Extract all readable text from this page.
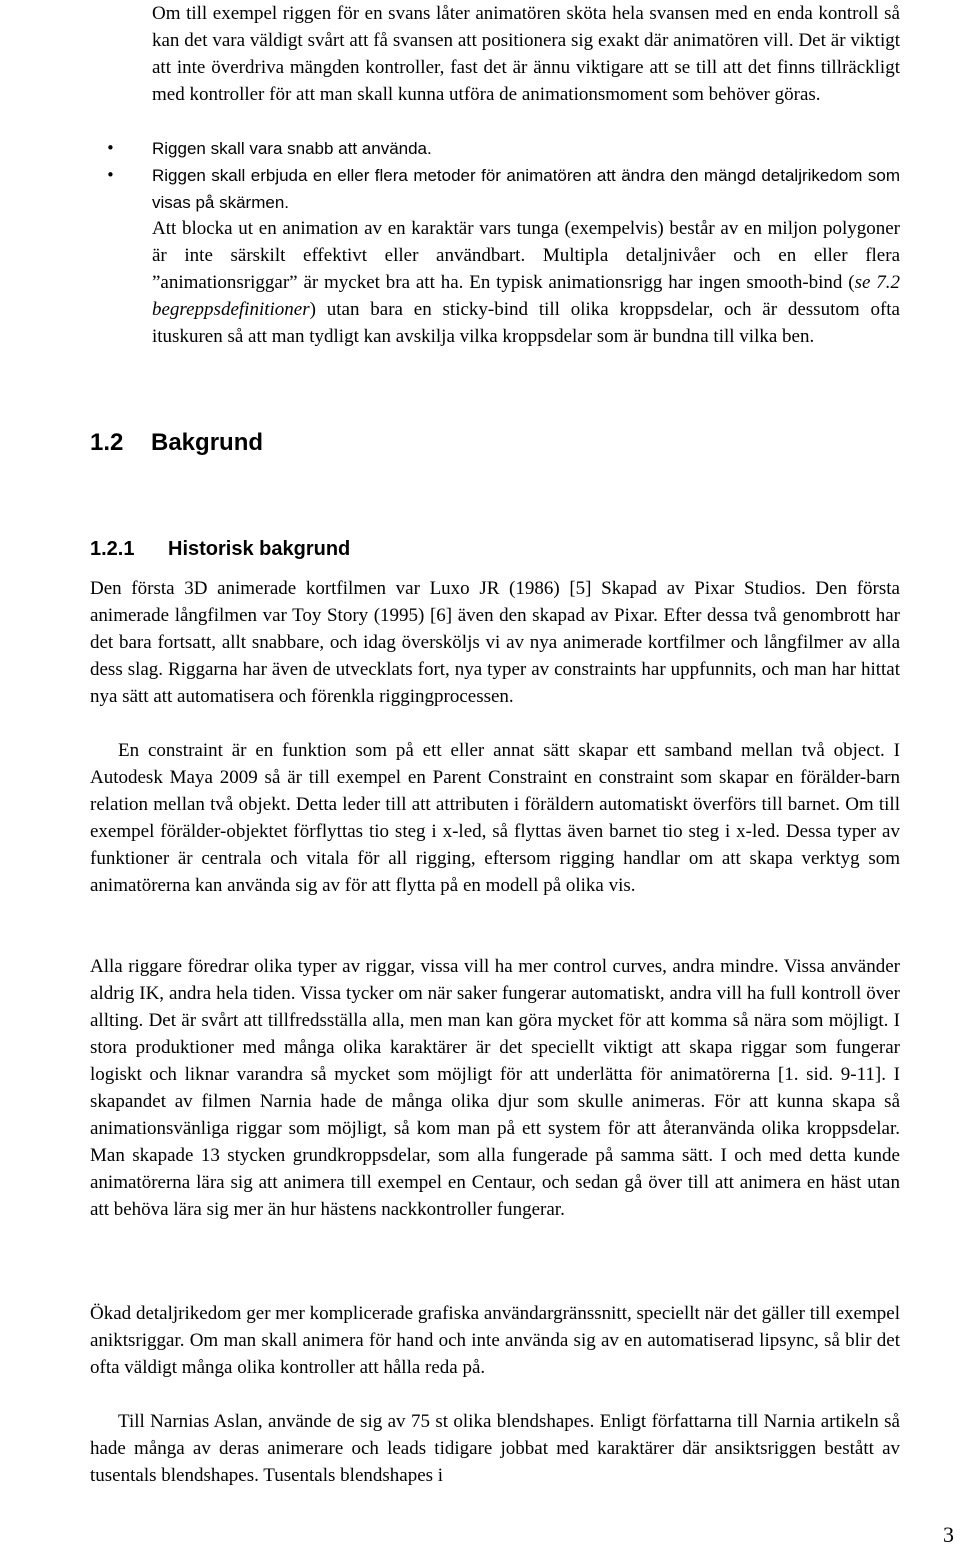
Om till exempel riggen för en svans låter animatören sköta hela svansen med en enda kontroll så kan det vara väldigt svårt att få svansen att positionera sig exakt där animatören vill. Det är viktigt att inte överdriva mängden kontroller, fast det är ännu viktigare att se till att det finns tillräckligt med kontroller för att man skall kunna utföra de animationsmoment som behöver göras.

• Riggen skall vara snabb att använda.

• Riggen skall erbjuda en eller flera metoder för animatören att ändra den mängd detaljrikedom som visas på skärmen.

Att blocka ut en animation av en karaktär vars tunga (exempelvis) består av en miljon polygoner är inte särskilt effektivt eller användbart. Multipla detaljnivåer och en eller flera ”animationsriggar” är mycket bra att ha. En typisk animationsrigg har ingen smooth-bind (se 7.2 begreppsdefinitioner) utan bara en sticky-bind till olika kroppsdelar, och är dessutom ofta ituskuren så att man tydligt kan avskilja vilka kroppsdelar som är bundna till vilka ben.

1.2 Bakgrund
1.2.1 Historisk bakgrund

Den första 3D animerade kortfilmen var Luxo JR (1986) [5] Skapad av Pixar Studios. Den första animerade långfilmen var Toy Story (1995) [6] även den skapad av Pixar. Efter dessa två genombrott har det bara fortsatt, allt snabbare, och idag översköljs vi av nya animerade kortfilmer och långfilmer av alla dess slag. Riggarna har även de utvecklats fort, nya typer av constraints har uppfunnits, och man har hittat nya sätt att automatisera och förenkla riggingprocessen.

En constraint är en funktion som på ett eller annat sätt skapar ett samband mellan två object. I Autodesk Maya 2009 så är till exempel en Parent Constraint en constraint som skapar en förälder-barn relation mellan två objekt. Detta leder till att attributen i föräldern automatiskt överförs till barnet. Om till exempel förälder-objektet förflyttas tio steg i x-led, så flyttas även barnet tio steg i x-led. Dessa typer av funktioner är centrala och vitala för all rigging, eftersom rigging handlar om att skapa verktyg som animatörerna kan använda sig av för att flytta på en modell på olika vis.

Alla riggare föredrar olika typer av riggar, vissa vill ha mer control curves, andra mindre. Vissa använder aldrig IK, andra hela tiden. Vissa tycker om när saker fungerar automatiskt, andra vill ha full kontroll över allting. Det är svårt att tillfredsställa alla, men man kan göra mycket för att komma så nära som möjligt. I stora produktioner med många olika karaktärer är det speciellt viktigt att skapa riggar som fungerar logiskt och liknar varandra så mycket som möjligt för att underlätta för animatörerna [1. sid. 9-11]. I skapandet av filmen Narnia hade de många olika djur som skulle animeras. För att kunna skapa så animationsvänliga riggar som möjligt, så kom man på ett system för att återanvända olika kroppsdelar. Man skapade 13 stycken grundkroppsdelar, som alla fungerade på samma sätt. I och med detta kunde animatörerna lära sig att animera till exempel en Centaur, och sedan gå över till att animera en häst utan att behöva lära sig mer än hur hästens nackkontroller fungerar.

Ökad detaljrikedom ger mer komplicerade grafiska användargränssnitt, speciellt när det gäller till exempel aniktsriggar. Om man skall animera för hand och inte använda sig av en automatiserad lipsync, så blir det ofta väldigt många olika kontroller att hålla reda på.

Till Narnias Aslan, använde de sig av 75 st olika blendshapes. Enligt författarna till Narnia artikeln så hade många av deras animerare och leads tidigare jobbat med karaktärer där ansiktsriggen bestått av tusentals blendshapes. Tusentals blendshapes i

3
